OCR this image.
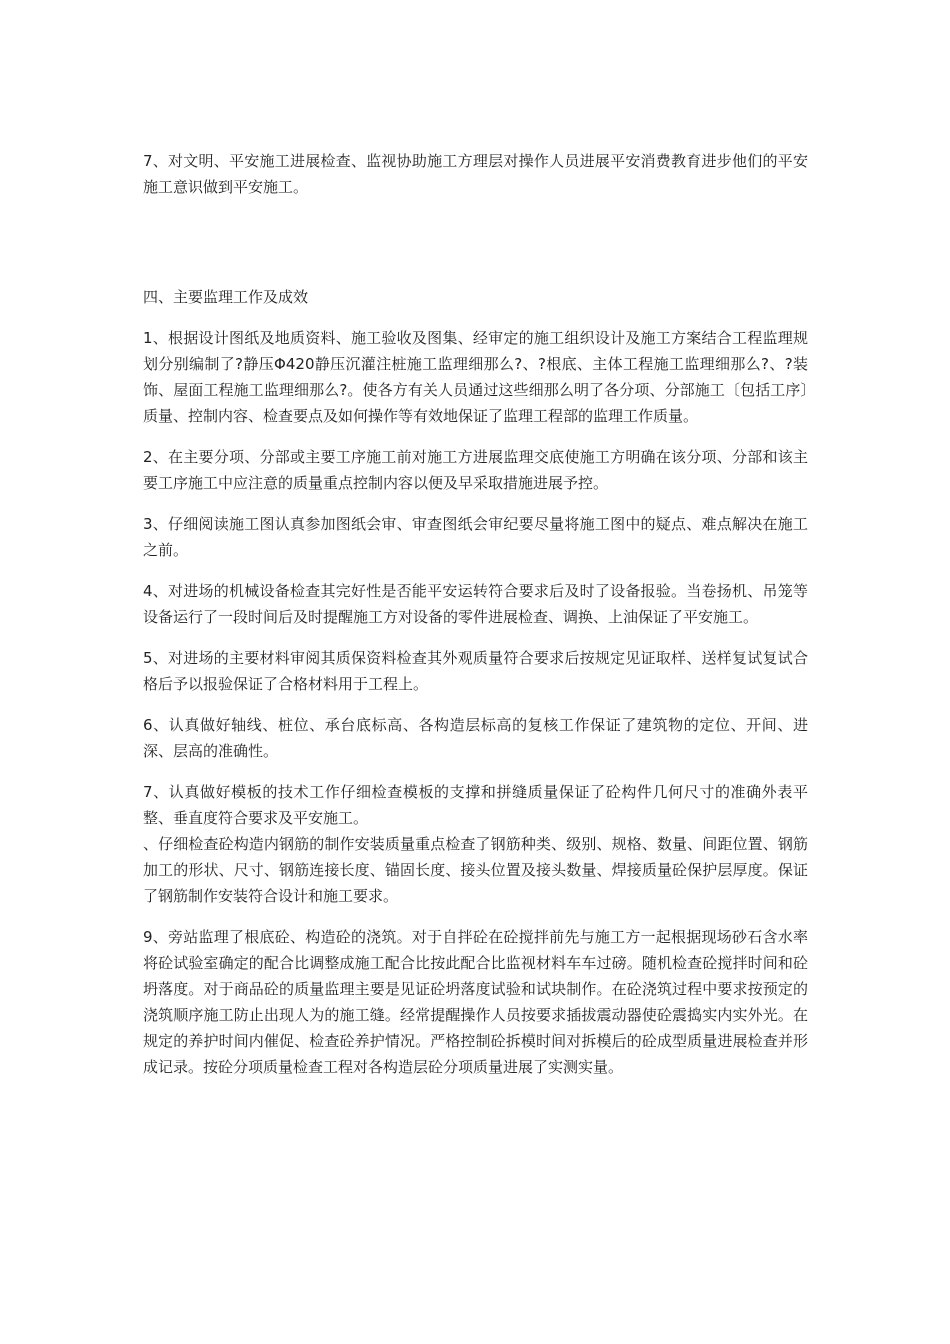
7、对文明、平安施工进展检查、监视协助施工方理层对操作人员进展平安消费教育进步他们的平安施工意识做到平安施工。

四、主要监理工作及成效

1、根据设计图纸及地质资料、施工验收及图集、经审定的施工组织设计及施工方案结合工程监理规划分别编制了?静压Φ420静压沉灌注桩施工监理细那么?、?根底、主体工程施工监理细那么?、?装饰、屋面工程施工监理细那么?。使各方有关人员通过这些细那么明了各分项、分部施工〔包括工序〕质量、控制内容、检查要点及如何操作等有效地保证了监理工程部的监理工作质量。

2、在主要分项、分部或主要工序施工前对施工方进展监理交底使施工方明确在该分项、分部和该主要工序施工中应注意的质量重点控制内容以便及早采取措施进展予控。

3、仔细阅读施工图认真参加图纸会审、审查图纸会审纪要尽量将施工图中的疑点、难点解决在施工之前。

4、对进场的机械设备检查其完好性是否能平安运转符合要求后及时了设备报验。当卷扬机、吊笼等设备运行了一段时间后及时提醒施工方对设备的零件进展检查、调换、上油保证了平安施工。

5、对进场的主要材料审阅其质保资料检查其外观质量符合要求后按规定见证取样、送样复试复试合格后予以报验保证了合格材料用于工程上。

6、认真做好轴线、桩位、承台底标高、各构造层标高的复核工作保证了建筑物的定位、开间、进深、层高的准确性。

7、认真做好模板的技术工作仔细检查模板的支撑和拼缝质量保证了砼构件几何尺寸的准确外表平整、垂直度符合要求及平安施工。

、仔细检查砼构造内钢筋的制作安装质量重点检查了钢筋种类、级别、规格、数量、间距位置、钢筋加工的形状、尺寸、钢筋连接长度、锚固长度、接头位置及接头数量、焊接质量砼保护层厚度。保证了钢筋制作安装符合设计和施工要求。

9、旁站监理了根底砼、构造砼的浇筑。对于自拌砼在砼搅拌前先与施工方一起根据现场砂石含水率将砼试验室确定的配合比调整成施工配合比按此配合比监视材料车车过磅。随机检查砼搅拌时间和砼坍落度。对于商品砼的质量监理主要是见证砼坍落度试验和试块制作。在砼浇筑过程中要求按预定的浇筑顺序施工防止出现人为的施工缝。经常提醒操作人员按要求插拔震动器使砼震捣实内实外光。在规定的养护时间内催促、检查砼养护情况。严格控制砼拆模时间对拆模后的砼成型质量进展检查并形成记录。按砼分项质量检查工程对各构造层砼分项质量进展了实测实量。
